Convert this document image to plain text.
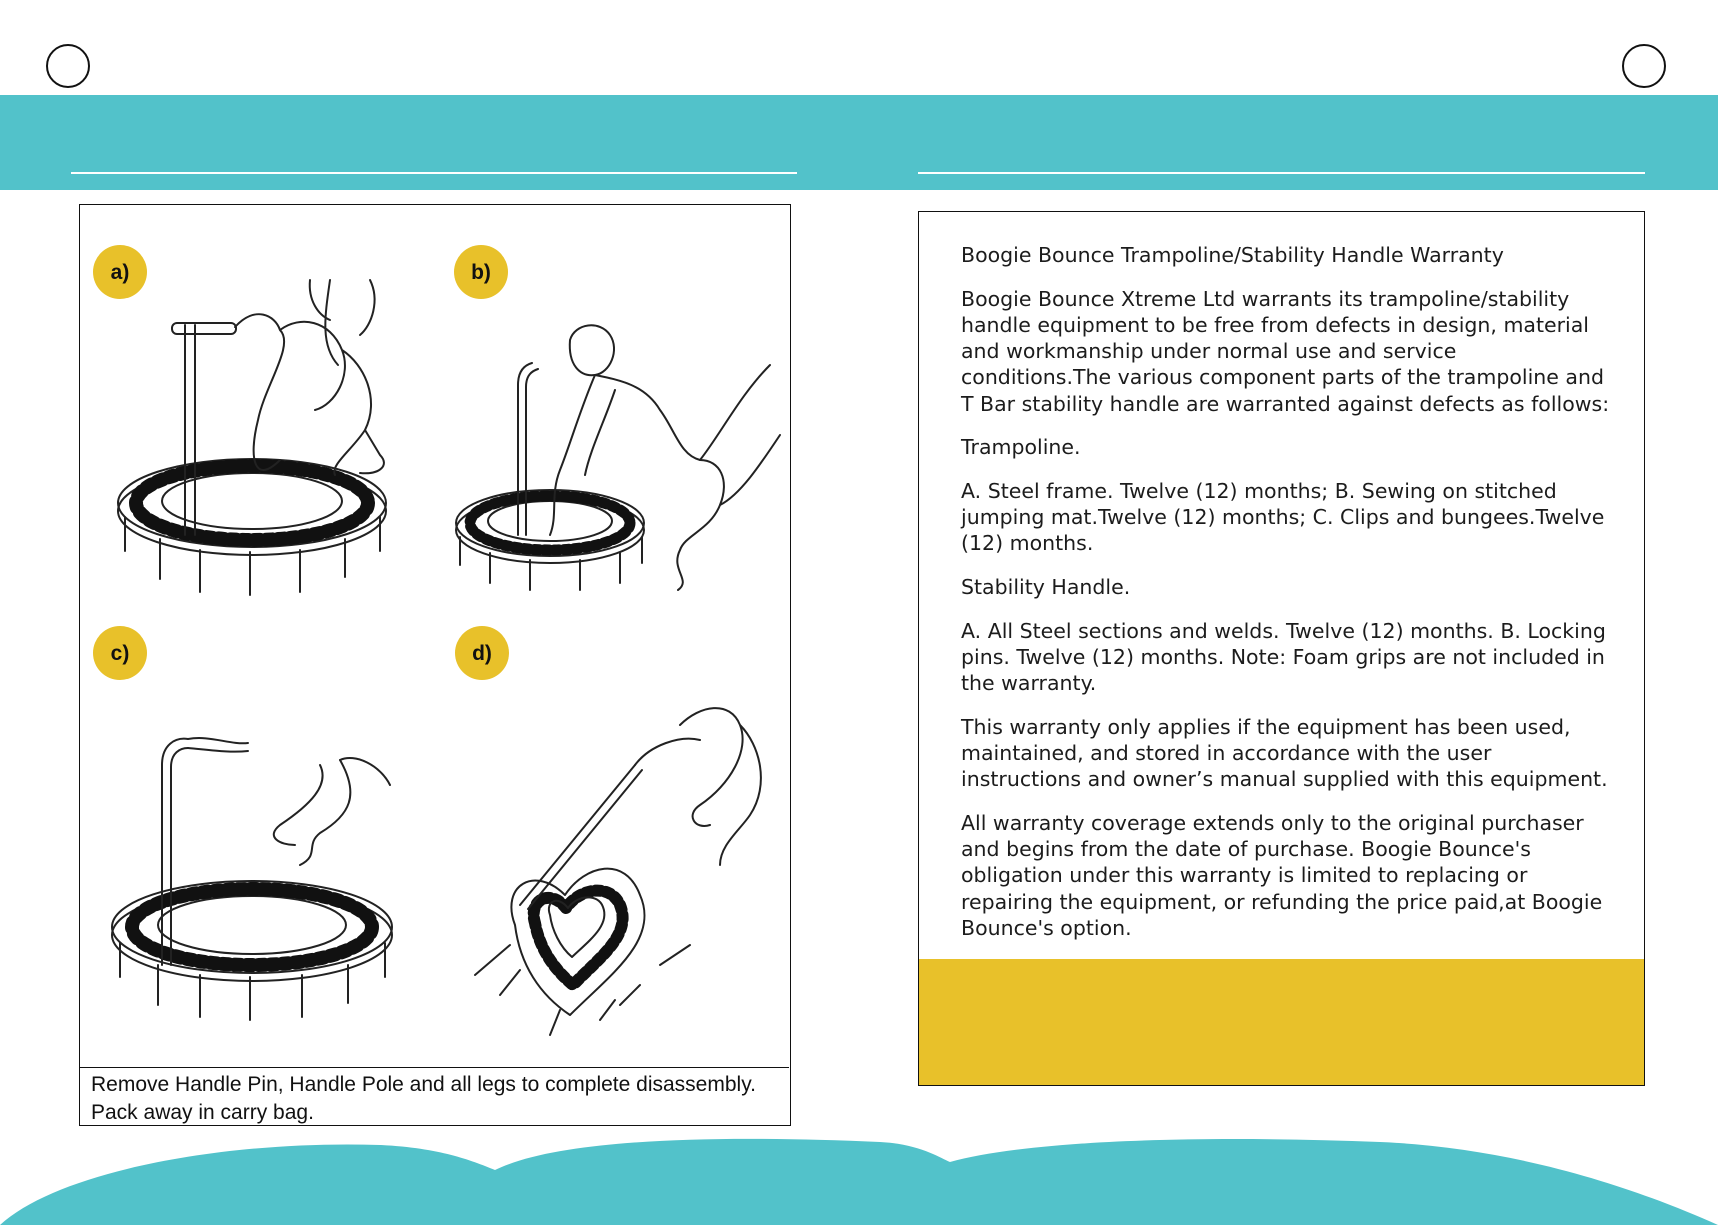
a)	b)
c)	d)
Remove Handle Pin, Handle Pole and all legs to complete disassembly.
Pack away in carry bag.

Boogie Bounce Trampoline/Stability Handle Warranty

Boogie Bounce Xtreme Ltd warrants its trampoline/stability handle equipment to be free from defects in design, material and workmanship under normal use and service conditions.The various component parts of the trampoline and T Bar stability handle are warranted against defects as follows:

Trampoline.

A. Steel frame. Twelve (12) months; B. Sewing on stitched jumping mat.Twelve (12) months; C. Clips and bungees.Twelve (12) months.

Stability Handle.

A. All Steel sections and welds. Twelve (12) months. B. Locking pins. Twelve (12) months. Note: Foam grips are not included in the warranty.

This warranty only applies if the equipment has been used, maintained, and stored in accordance with the user instructions and owner’s manual supplied with this equipment.

All warranty coverage extends only to the original purchaser and begins from the date of purchase. Boogie Bounce's obligation under this warranty is limited to replacing or repairing the equipment, or refunding the price paid,at Boogie Bounce's option.
